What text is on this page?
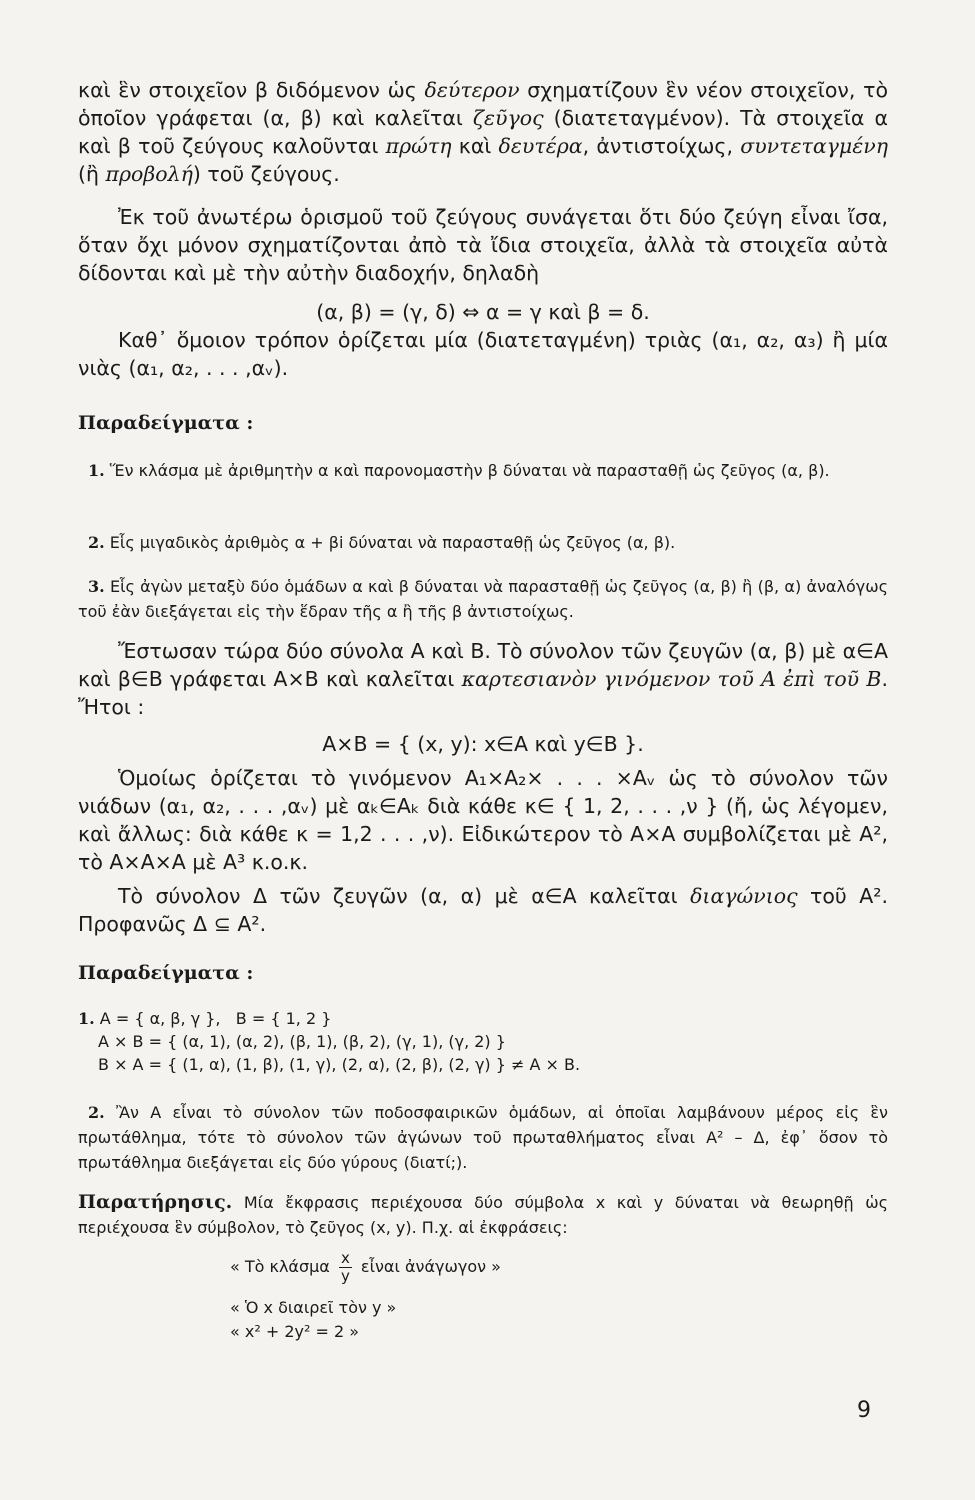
καὶ ἓν στοιχεῖον β διδόμενον ὡς δεύτερον σχηματίζουν ἓν νέον στοιχεῖον, τὸ ὁποῖον γράφεται (α, β) καὶ καλεῖται ζεῦγος (διατεταγμένον). Τὰ στοιχεῖα α καὶ β τοῦ ζεύγους καλοῦνται πρώτη καὶ δευτέρα, ἀντιστοίχως, συντεταγμένη (ἢ προβολή) τοῦ ζεύγους.

Ἐκ τοῦ ἀνωτέρω ὁρισμοῦ τοῦ ζεύγους συνάγεται ὅτι δύο ζεύγη εἶναι ἴσα, ὅταν ὄχι μόνον σχηματίζονται ἀπὸ τὰ ἴδια στοιχεῖα, ἀλλὰ τὰ στοιχεῖα αὐτὰ δίδονται καὶ μὲ τὴν αὐτὴν διαδοχήν, δηλαδὴ

(α, β) = (γ, δ) ⇔ α = γ καὶ β = δ.

Καθ᾽ ὅμοιον τρόπον ὁρίζεται μία (διατεταγμένη) τριὰς (α₁, α₂, α₃) ἢ μία νιὰς (α₁, α₂, . . . ,αᵥ).

Παραδείγματα :

1. Ἕν κλάσμα μὲ ἀριθμητὴν α καὶ παρονομαστὴν β δύναται νὰ παρασταθῇ ὡς ζεῦγος (α, β).

2. Εἷς μιγαδικὸς ἀριθμὸς α + βi δύναται νὰ παρασταθῇ ὡς ζεῦγος (α, β).

3. Εἷς ἀγὼν μεταξὺ δύο ὁμάδων α καὶ β δύναται νὰ παρασταθῇ ὡς ζεῦγος (α, β) ἢ (β, α) ἀναλόγως τοῦ ἐὰν διεξάγεται εἰς τὴν ἕδραν τῆς α ἢ τῆς β ἀντιστοίχως.

Ἔστωσαν τώρα δύο σύνολα Α καὶ Β. Τὸ σύνολον τῶν ζευγῶν (α, β) μὲ α∈Α καὶ β∈Β γράφεται Α×Β καὶ καλεῖται καρτεσιανὸν γινόμενον τοῦ Α ἐπὶ τοῦ Β. Ἤτοι :

Α×Β = { (x, y): x∈Α καὶ y∈Β }.

Ὁμοίως ὁρίζεται τὸ γινόμενον Α₁×Α₂× . . . ×Αᵥ ὡς τὸ σύνολον τῶν νιάδων (α₁, α₂, . . . ,αᵥ) μὲ αₖ∈Αₖ διὰ κάθε κ∈ { 1, 2, . . . ,ν } (ἤ, ὡς λέγομεν, καὶ ἄλλως: διὰ κάθε κ = 1,2 . . . ,ν). Εἰδικώτερον τὸ Α×Α συμβολίζεται μὲ Α², τὸ Α×Α×Α μὲ Α³ κ.ο.κ.

Τὸ σύνολον Δ τῶν ζευγῶν (α, α) μὲ α∈Α καλεῖται διαγώνιος τοῦ Α². Προφανῶς Δ ⊆ Α².

Παραδείγματα :

1. Α = { α, β, γ },   Β = { 1, 2 }
Α × Β = { (α, 1), (α, 2), (β, 1), (β, 2), (γ, 1), (γ, 2) }
Β × Α = { (1, α), (1, β), (1, γ), (2, α), (2, β), (2, γ) } ≠ Α × Β.

2. Ἂν Α εἶναι τὸ σύνολον τῶν ποδοσφαιρικῶν ὁμάδων, αἱ ὁποῖαι λαμβάνουν μέρος εἰς ἓν πρωτάθλημα, τότε τὸ σύνολον τῶν ἀγώνων τοῦ πρωταθλήματος εἶναι Α² – Δ, ἐφ᾽ ὅσον τὸ πρωτάθλημα διεξάγεται εἰς δύο γύρους (διατί;).

Παρατήρησις. Μία ἔκφρασις περιέχουσα δύο σύμβολα x καὶ y δύναται νὰ θεωρηθῇ ὡς περιέχουσα ἓν σύμβολον, τὸ ζεῦγος (x, y). Π.χ. αἱ ἐκφράσεις:

« Τὸ κλάσμα $\frac{x}{y}$ εἶναι ἀνάγωγον »
« Ὁ x διαιρεῖ τὸν y »
« x² + 2y² = 2 »
9
